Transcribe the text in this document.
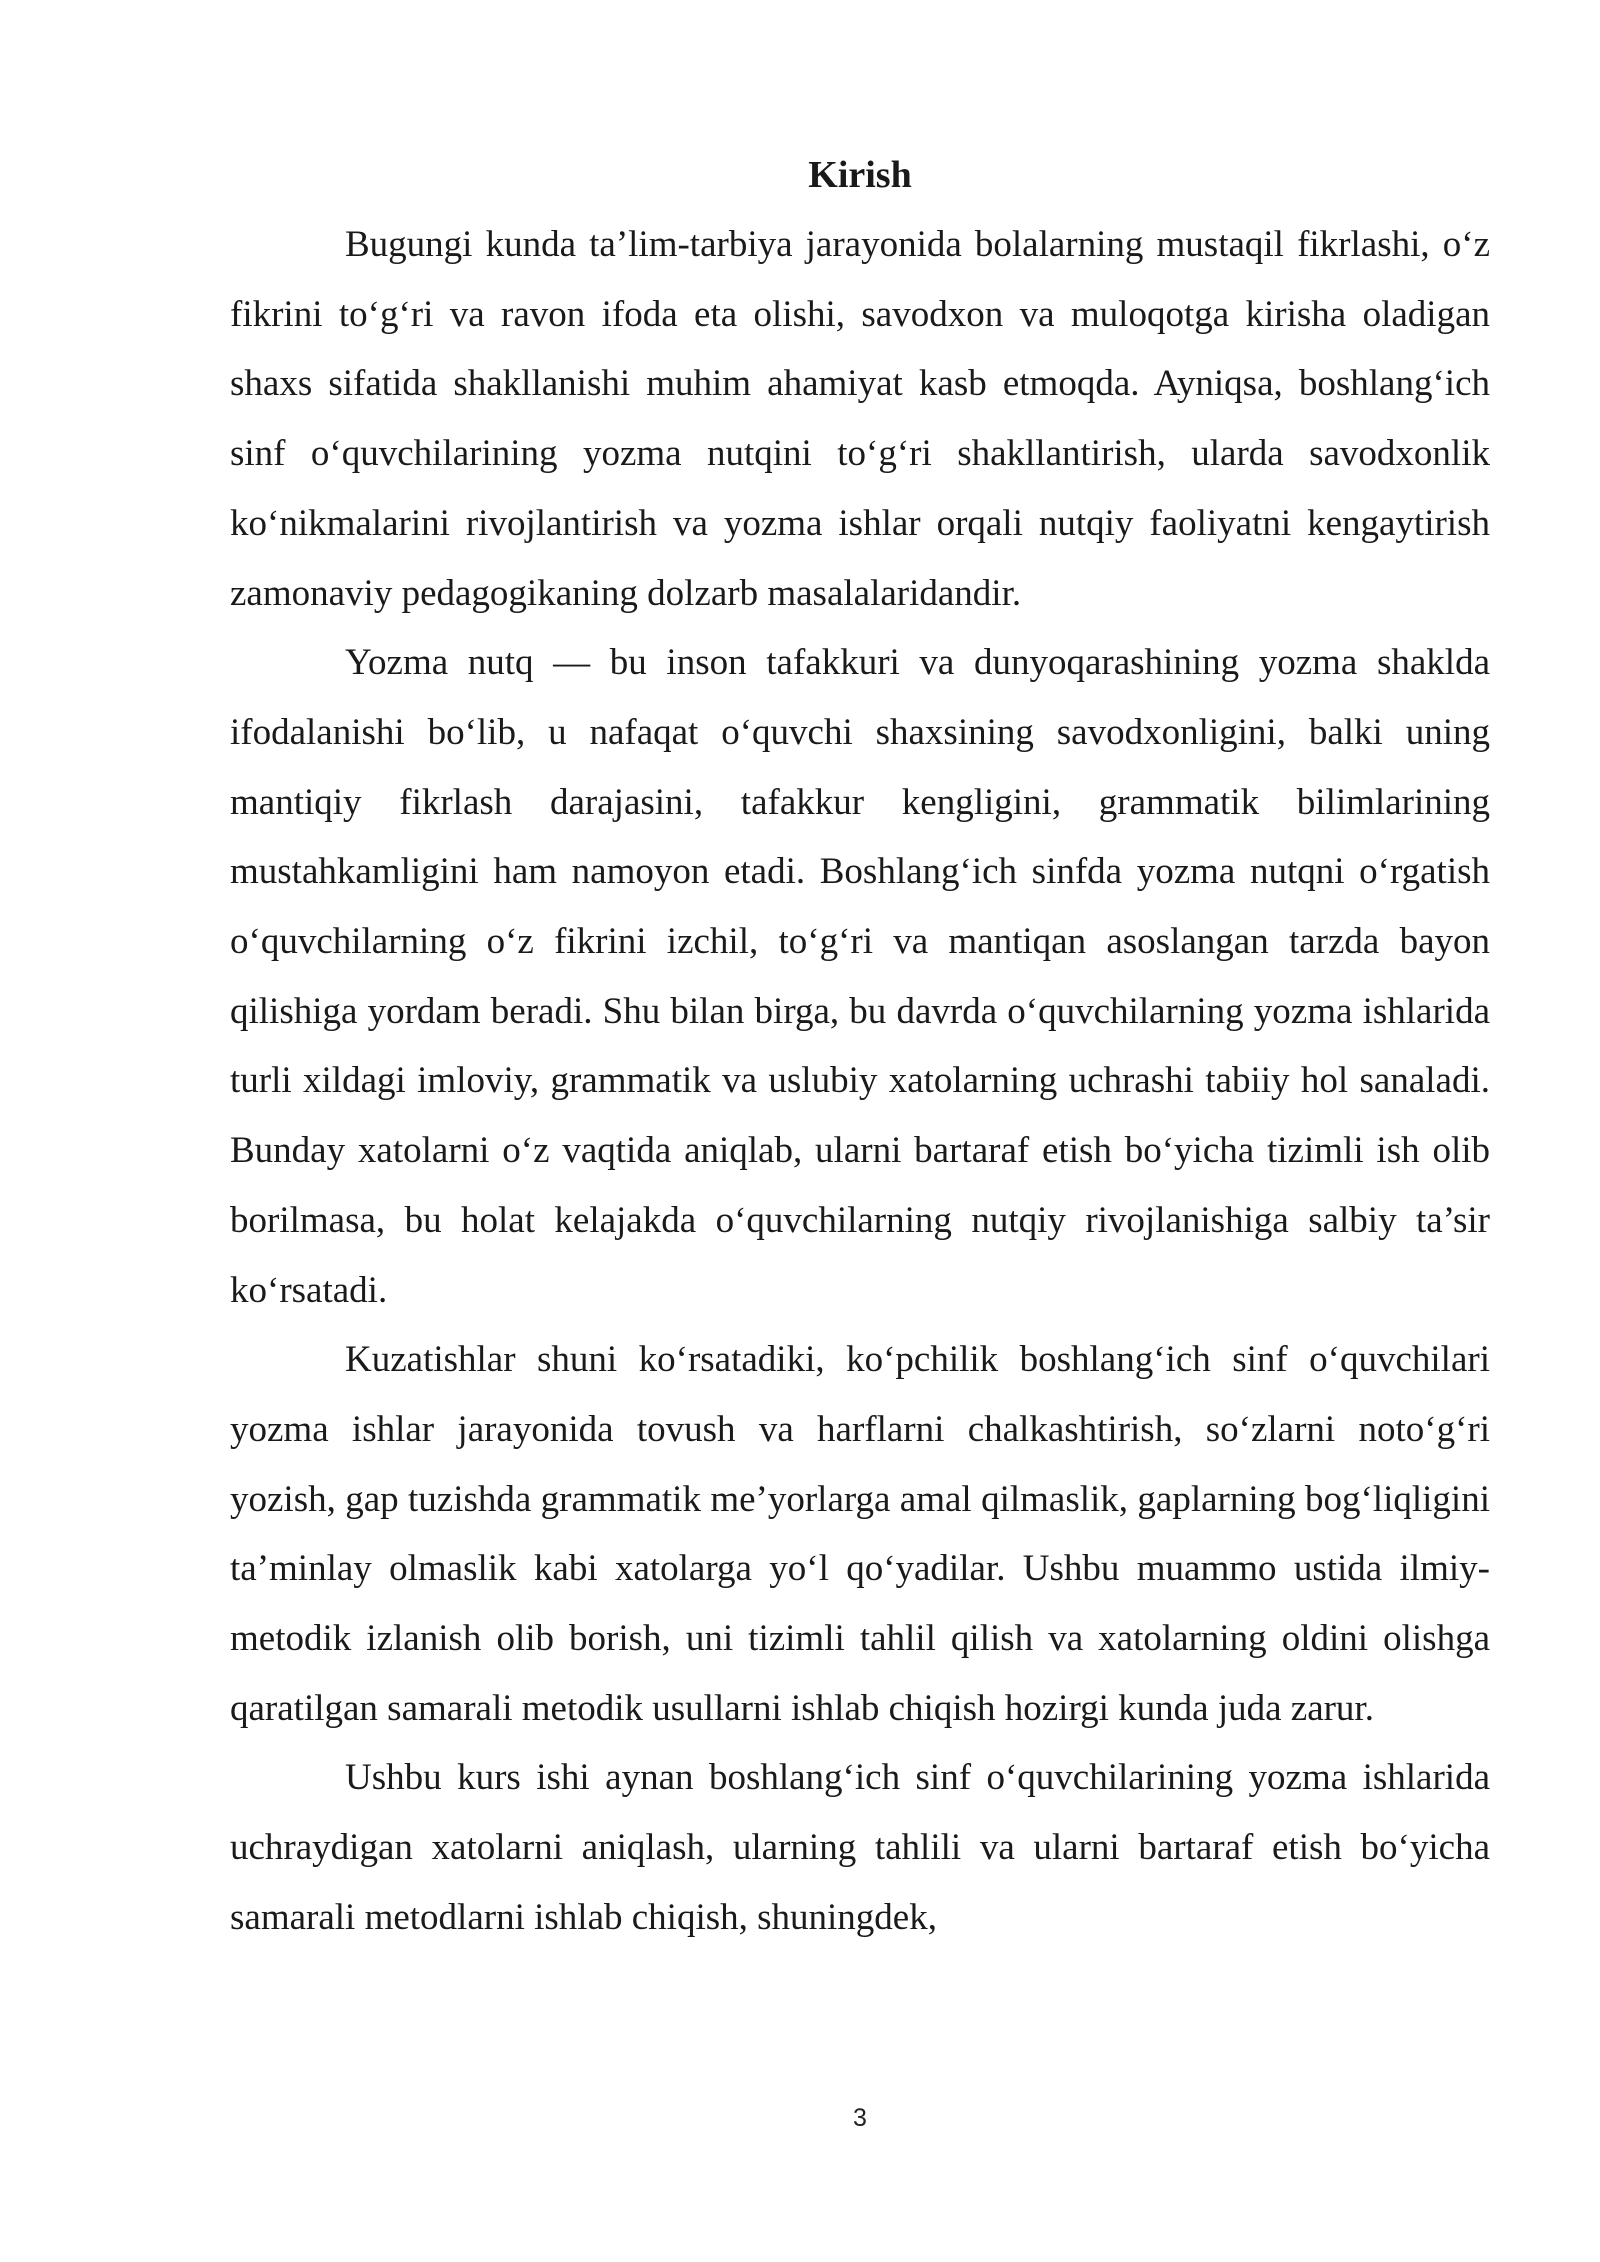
Kirish

Bugungi kunda ta’lim-tarbiya jarayonida bolalarning mustaqil fikrlashi, o‘z fikrini to‘g‘ri va ravon ifoda eta olishi, savodxon va muloqotga kirisha oladigan shaxs sifatida shakllanishi muhim ahamiyat kasb etmoqda. Ayniqsa, boshlang‘ich sinf o‘quvchilarining yozma nutqini to‘g‘ri shakllantirish, ularda savodxonlik ko‘nikmalarini rivojlantirish va yozma ishlar orqali nutqiy faoliyatni kengaytirish zamonaviy pedagogikaning dolzarb masalalaridandir.

Yozma nutq — bu inson tafakkuri va dunyoqarashining yozma shaklda ifodalanishi bo‘lib, u nafaqat o‘quvchi shaxsining savodxonligini, balki uning mantiqiy fikrlash darajasini, tafakkur kengligini, grammatik bilimlarining mustahkamligini ham namoyon etadi. Boshlang‘ich sinfda yozma nutqni o‘rgatish o‘quvchilarning o‘z fikrini izchil, to‘g‘ri va mantiqan asoslangan tarzda bayon qilishiga yordam beradi. Shu bilan birga, bu davrda o‘quvchilarning yozma ishlarida turli xildagi imloviy, grammatik va uslubiy xatolarning uchrashi tabiiy hol sanaladi. Bunday xatolarni o‘z vaqtida aniqlab, ularni bartaraf etish bo‘yicha tizimli ish olib borilmasa, bu holat kelajakda o‘quvchilarning nutqiy rivojlanishiga salbiy ta’sir ko‘rsatadi.

Kuzatishlar shuni ko‘rsatadiki, ko‘pchilik boshlang‘ich sinf o‘quvchilari yozma ishlar jarayonida tovush va harflarni chalkashtirish, so‘zlarni noto‘g‘ri yozish, gap tuzishda grammatik me’yorlarga amal qilmaslik, gaplarning bog‘liqligini ta’minlay olmaslik kabi xatolarga yo‘l qo‘yadilar. Ushbu muammo ustida ilmiy-metodik izlanish olib borish, uni tizimli tahlil qilish va xatolarning oldini olishga qaratilgan samarali metodik usullarni ishlab chiqish hozirgi kunda juda zarur.

Ushbu kurs ishi aynan boshlang‘ich sinf o‘quvchilarining yozma ishlarida uchraydigan xatolarni aniqlash, ularning tahlili va ularni bartaraf etish bo‘yicha samarali metodlarni ishlab chiqish, shuningdek,

3
